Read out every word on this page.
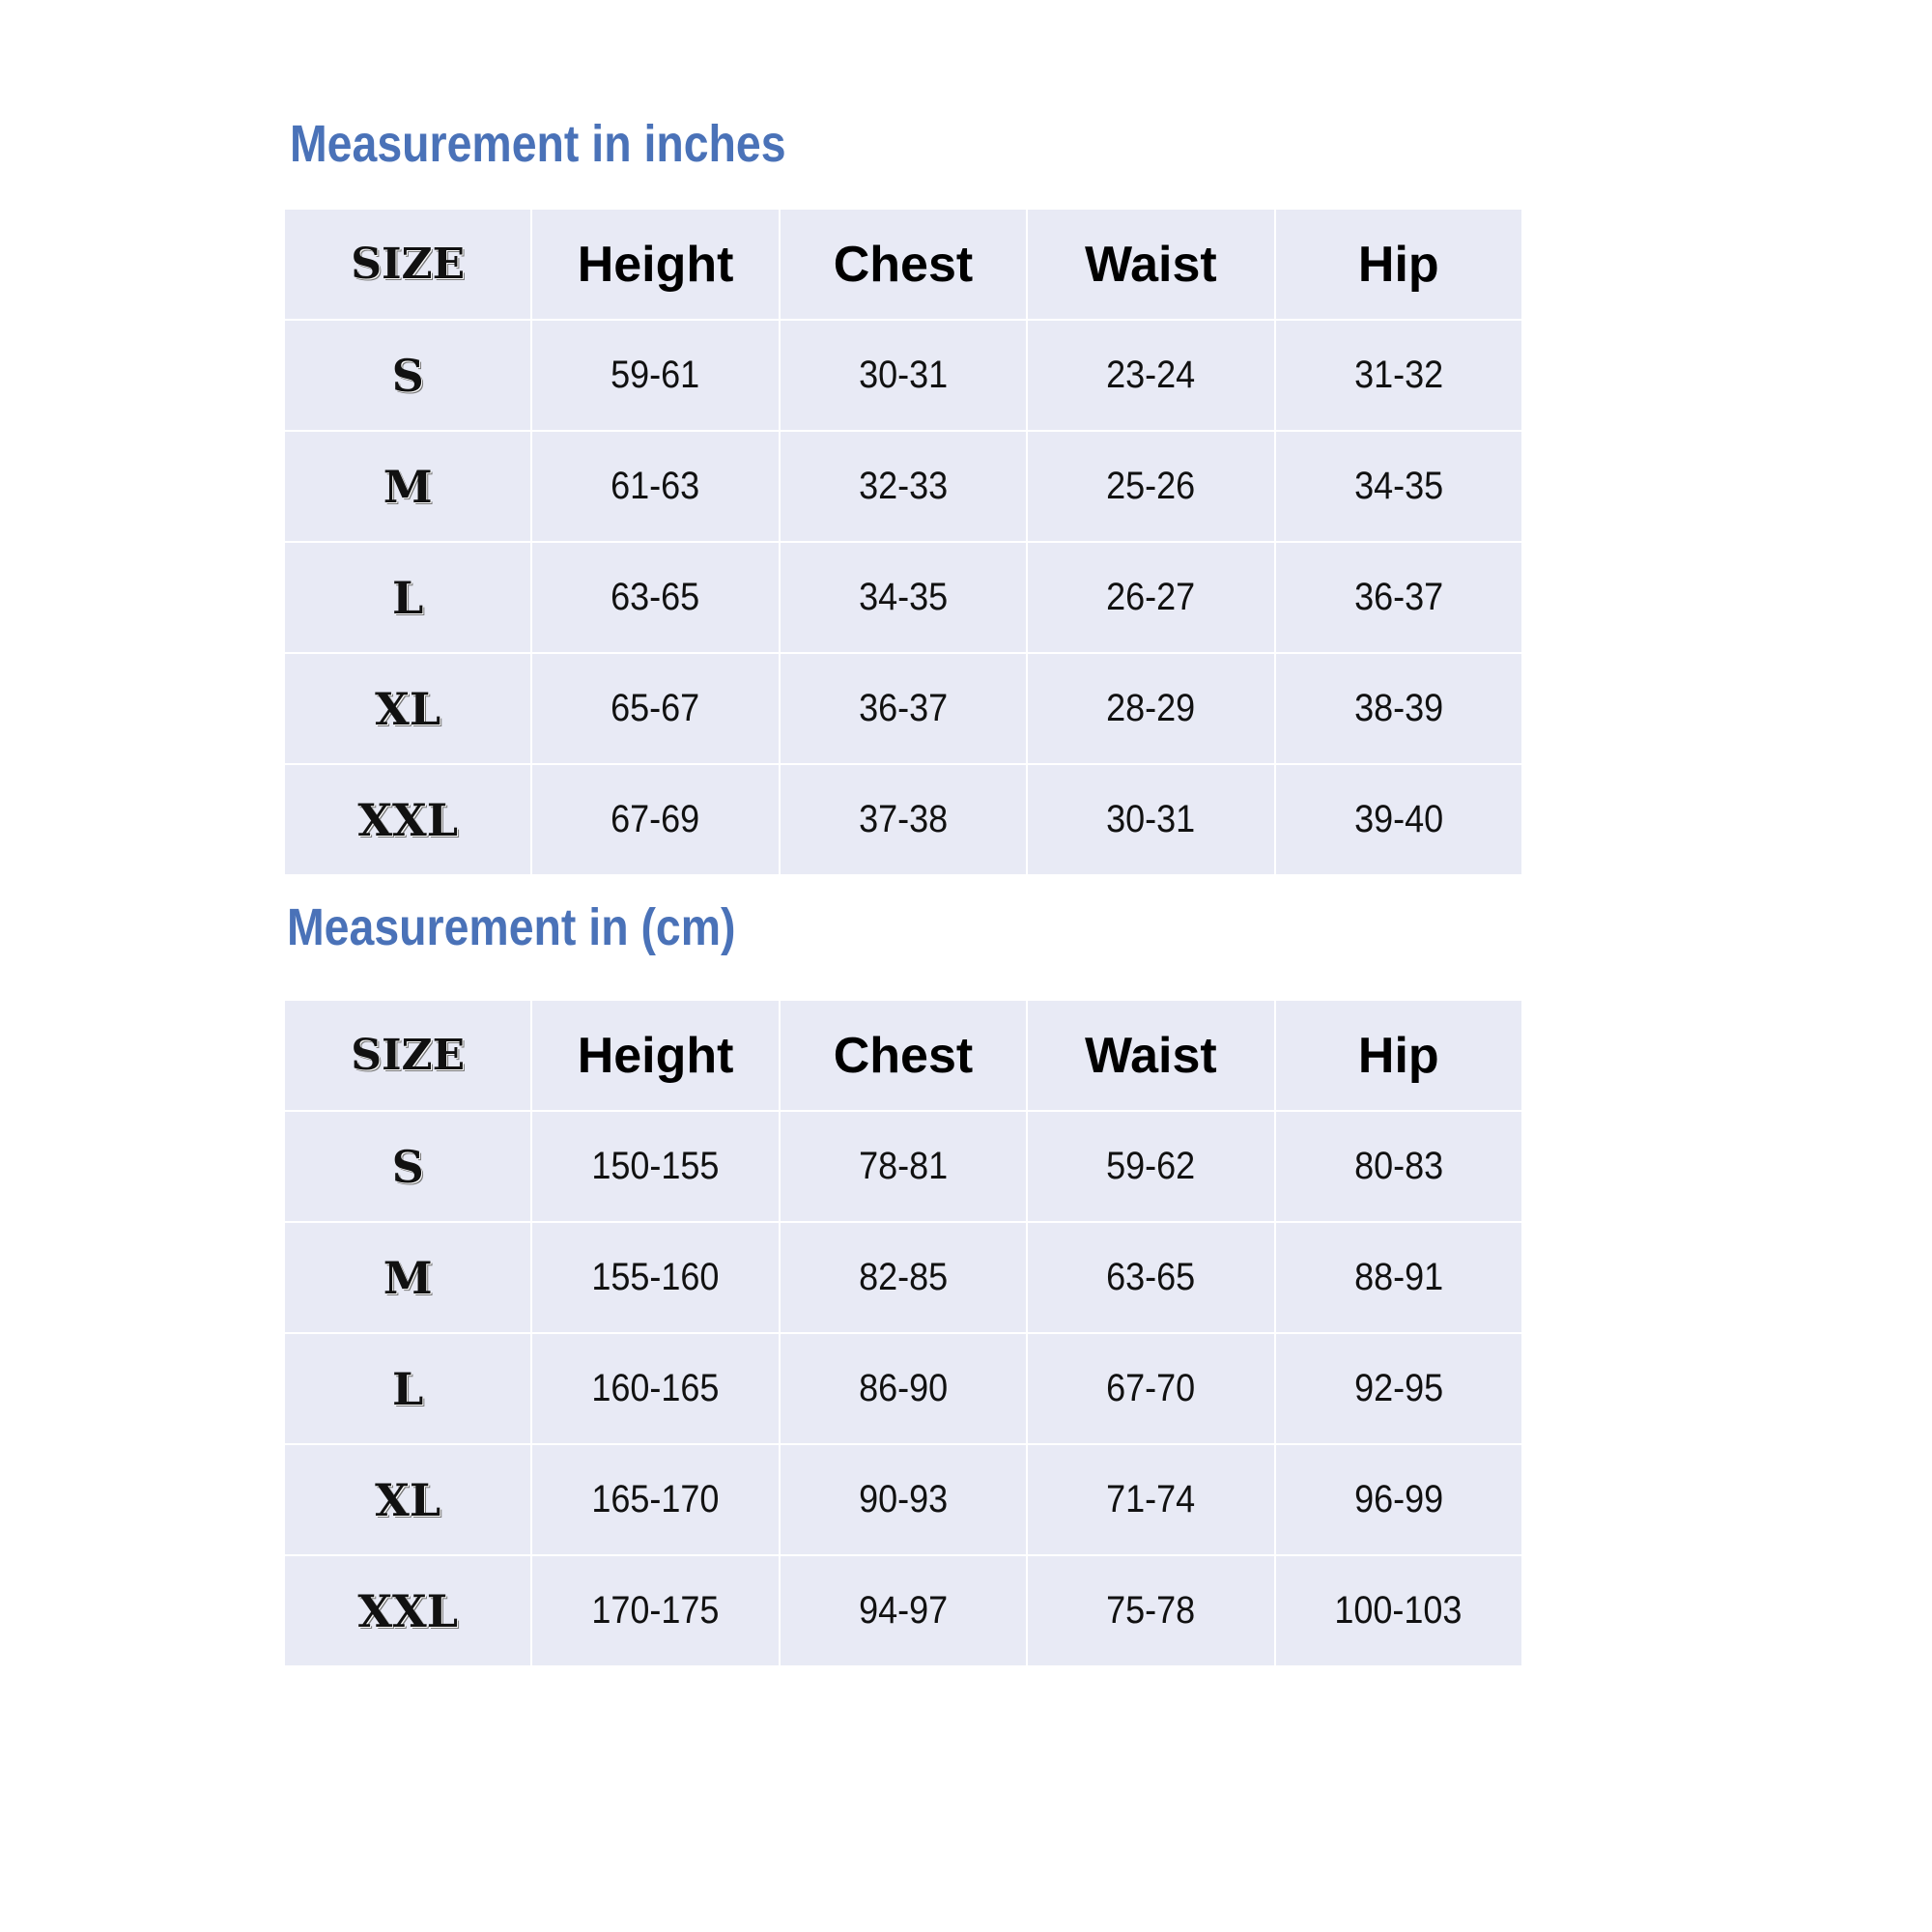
Measurement in inches
SIZE	Height	Chest	Waist	Hip
S	59-61	30-31	23-24	31-32
M	61-63	32-33	25-26	34-35
L	63-65	34-35	26-27	36-37
XL	65-67	36-37	28-29	38-39
XXL	67-69	37-38	30-31	39-40
Measurement in (cm)
SIZE	Height	Chest	Waist	Hip
S	150-155	78-81	59-62	80-83
M	155-160	82-85	63-65	88-91
L	160-165	86-90	67-70	92-95
XL	165-170	90-93	71-74	96-99
XXL	170-175	94-97	75-78	100-103
